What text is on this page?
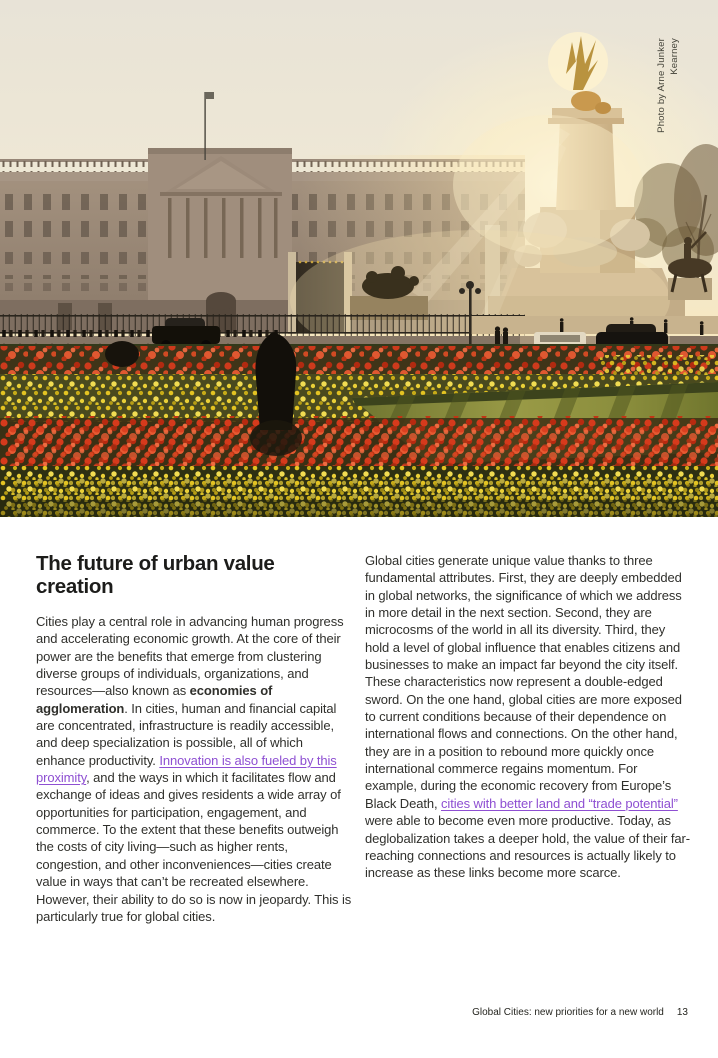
Photo by Arne Junker Kearney
The future of urban value creation

Cities play a central role in advancing human progress and accelerating economic growth. At the core of their power are the benefits that emerge from clustering diverse groups of individuals, organizations, and resources—also known as economies of agglomeration. In cities, human and financial capital are concentrated, infrastructure is readily accessible, and deep specialization is possible, all of which enhance productivity. Innovation is also fueled by this proximity, and the ways in which it facilitates flow and exchange of ideas and gives residents a wide array of opportunities for participation, engagement, and commerce. To the extent that these benefits outweigh the costs of city living—such as higher rents, congestion, and other inconveniences—cities create value in ways that can’t be recreated elsewhere. However, their ability to do so is now in jeopardy. This is particularly true for global cities.

Global cities generate unique value thanks to three fundamental attributes. First, they are deeply embedded in global networks, the significance of which we address in more detail in the next section. Second, they are microcosms of the world in all its diversity. Third, they hold a level of global influence that enables citizens and businesses to make an impact far beyond the city itself. These characteristics now represent a double-edged sword. On the one hand, global cities are more exposed to current conditions because of their dependence on international flows and connections. On the other hand, they are in a position to rebound more quickly once international commerce regains momentum. For example, during the economic recovery from Europe’s Black Death, cities with better land and “trade potential” were able to become even more productive. Today, as deglobalization takes a deeper hold, the value of their far-reaching connections and resources is actually likely to increase as these links become more scarce.

Global Cities: new priorities for a new world 13
